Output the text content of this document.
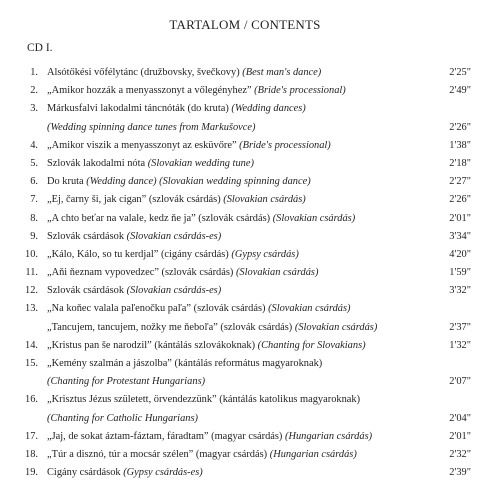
TARTALOM / CONTENTS
CD I.
1. Alsótőkési vőfélytánc (družbovsky, švečkovy) (Best man's dance)	2'25"
2. „Amikor hozzák a menyasszonyt a vőlegényhez” (Bride's processional)	2'49"
3. Márkusfalvi lakodalmi táncnóták (do kruta) (Wedding dances)
(Wedding spinning dance tunes from Markušovce)	2'26"
4. „Amikor viszik a menyasszonyt az esküvőre” (Bride's processional)	1'38"
5. Szlovák lakodalmi nóta (Slovakian wedding tune)	2'18"
6. Do kruta (Wedding dance) (Slovakian wedding spinning dance)	2'27"
7. „Ej, čarny ši, jak cigan” (szlovák csárdás) (Slovakian csárdás)	2'26"
8. „A chto beťar na valale, kedz ňe ja” (szlovák csárdás) (Slovakian csárdás)	2'01"
9. Szlovák csárdások (Slovakian csárdás-es)	3'34"
10. „Kálo, Kálo, so tu kerdjal” (cigány csárdás) (Gypsy csárdás)	4'20"
11. „Aňi ňeznam vypovedzec” (szlovák csárdás) (Slovakian csárdás)	1'59"
12. Szlovák csárdások (Slovakian csárdás-es)	3'32"
13. „Na koňec valala paľenočku paľa” (szlovák csárdás) (Slovakian csárdás)
„Tancujem, tancujem, nožky me ňeboľa” (szlovák csárdás) (Slovakian csárdás)	2'37"
14. „Kristus pan še narodzil” (kántálás szlovákoknak) (Chanting for Slovakians)	1'32"
15. „Kemény szalmán a jászolba” (kántálás református magyaroknak)
(Chanting for Protestant Hungarians)	2'07"
16. „Krisztus Jézus született, örvendezzünk” (kántálás katolikus magyaroknak)
(Chanting for Catholic Hungarians)	2'04"
17. „Jaj, de sokat áztam-fáztam, fáradtam” (magyar csárdás) (Hungarian csárdás)	2'01"
18. „Túr a disznó, túr a mocsár szélen” (magyar csárdás) (Hungarian csárdás)	2'32"
19. Cigány csárdások (Gypsy csárdás-es)	2'39"
